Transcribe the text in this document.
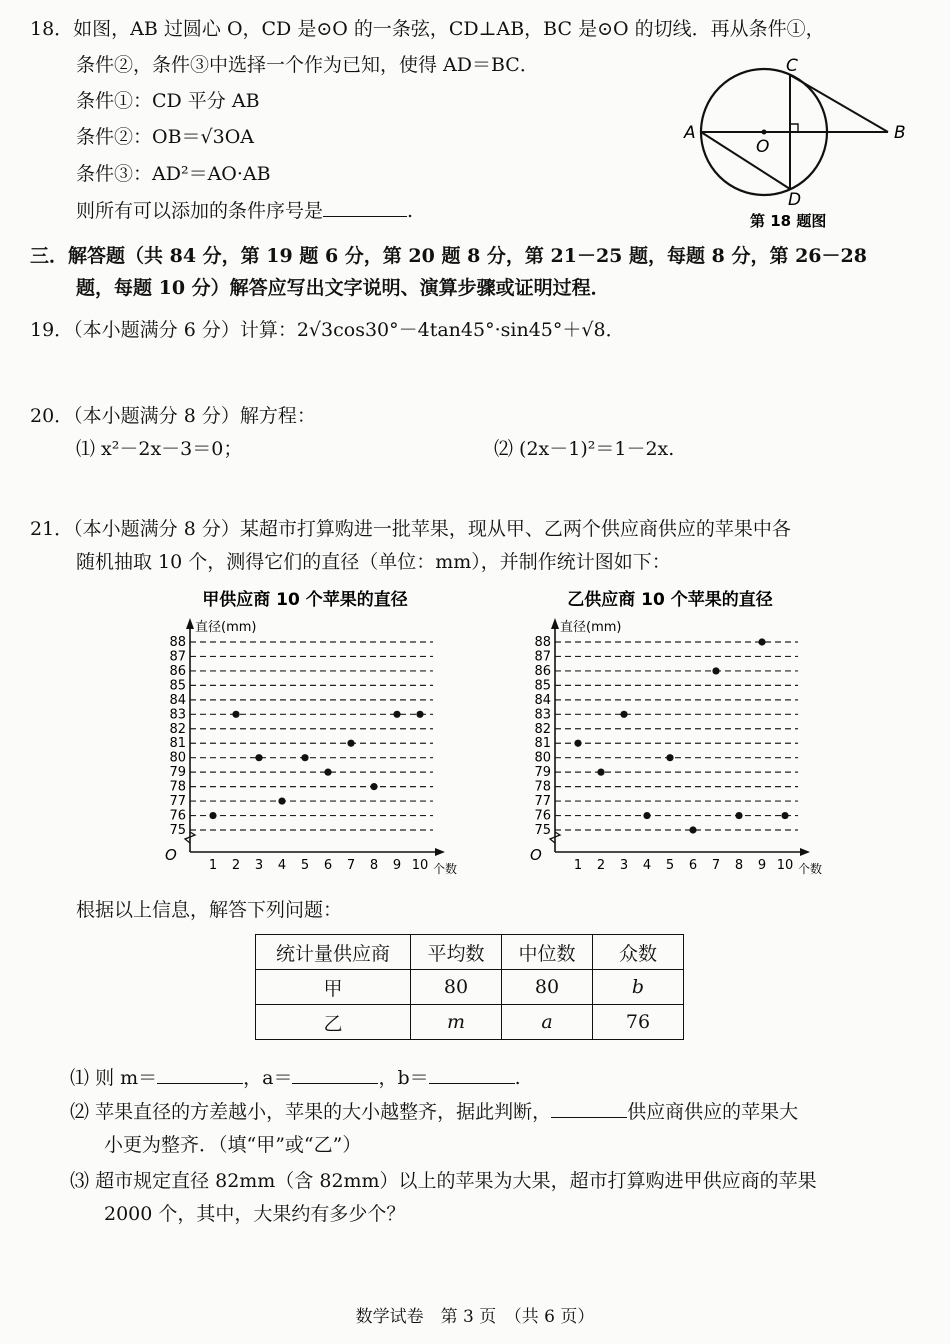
18．如图，AB 过圆心 O，CD 是⊙O 的一条弦，CD⊥AB，BC 是⊙O 的切线．再从条件①，
条件②，条件③中选择一个作为已知，使得 AD＝BC．
条件①：CD 平分 AB
条件②：OB＝√3OA
条件③：AD²＝AO·AB
则所有可以添加的条件序号是	.
C
A
O
B
D
第 18 题图
三．解答题（共 84 分，第 19 题 6 分，第 20 题 8 分，第 21－25 题，每题 8 分，第 26－28
题，每题 10 分）解答应写出文字说明、演算步骤或证明过程．
19．（本小题满分 6 分）计算：2√3cos30°－4tan45°·sin45°＋√8．
20．（本小题满分 8 分）解方程：
⑴ x²－2x－3＝0；	⑵ (2x－1)²＝1－2x.
21．（本小题满分 8 分）某超市打算购进一批苹果，现从甲、乙两个供应商供应的苹果中各
随机抽取 10 个，测得它们的直径（单位：mm），并制作统计图如下：
甲供应商 10 个苹果的直径
75
76
77
78
79
80
81
82
83
84
85
86
87
88
直径(mm)
O
1 2 3 4 5 6 7 8 9 10 个数
乙供应商 10 个苹果的直径
75
76
77
78
79
80
81
82
83
84
85
86
87
88
直径(mm)
O
1 2 3 4 5 6 7 8 9 10 个数
根据以上信息，解答下列问题：
统计量供应商	平均数	中位数	众数
甲	80	80	b
乙	m	a	76
⑴ 则 m＝	，a＝	，b＝	.
⑵ 苹果直径的方差越小，苹果的大小越整齐，据此判断，	供应商供应的苹果大
小更为整齐．（填“甲”或“乙”）
⑶ 超市规定直径 82mm（含 82mm）以上的苹果为大果，超市打算购进甲供应商的苹果
2000 个，其中，大果约有多少个？
数学试卷　第 3 页　（共 6 页）
